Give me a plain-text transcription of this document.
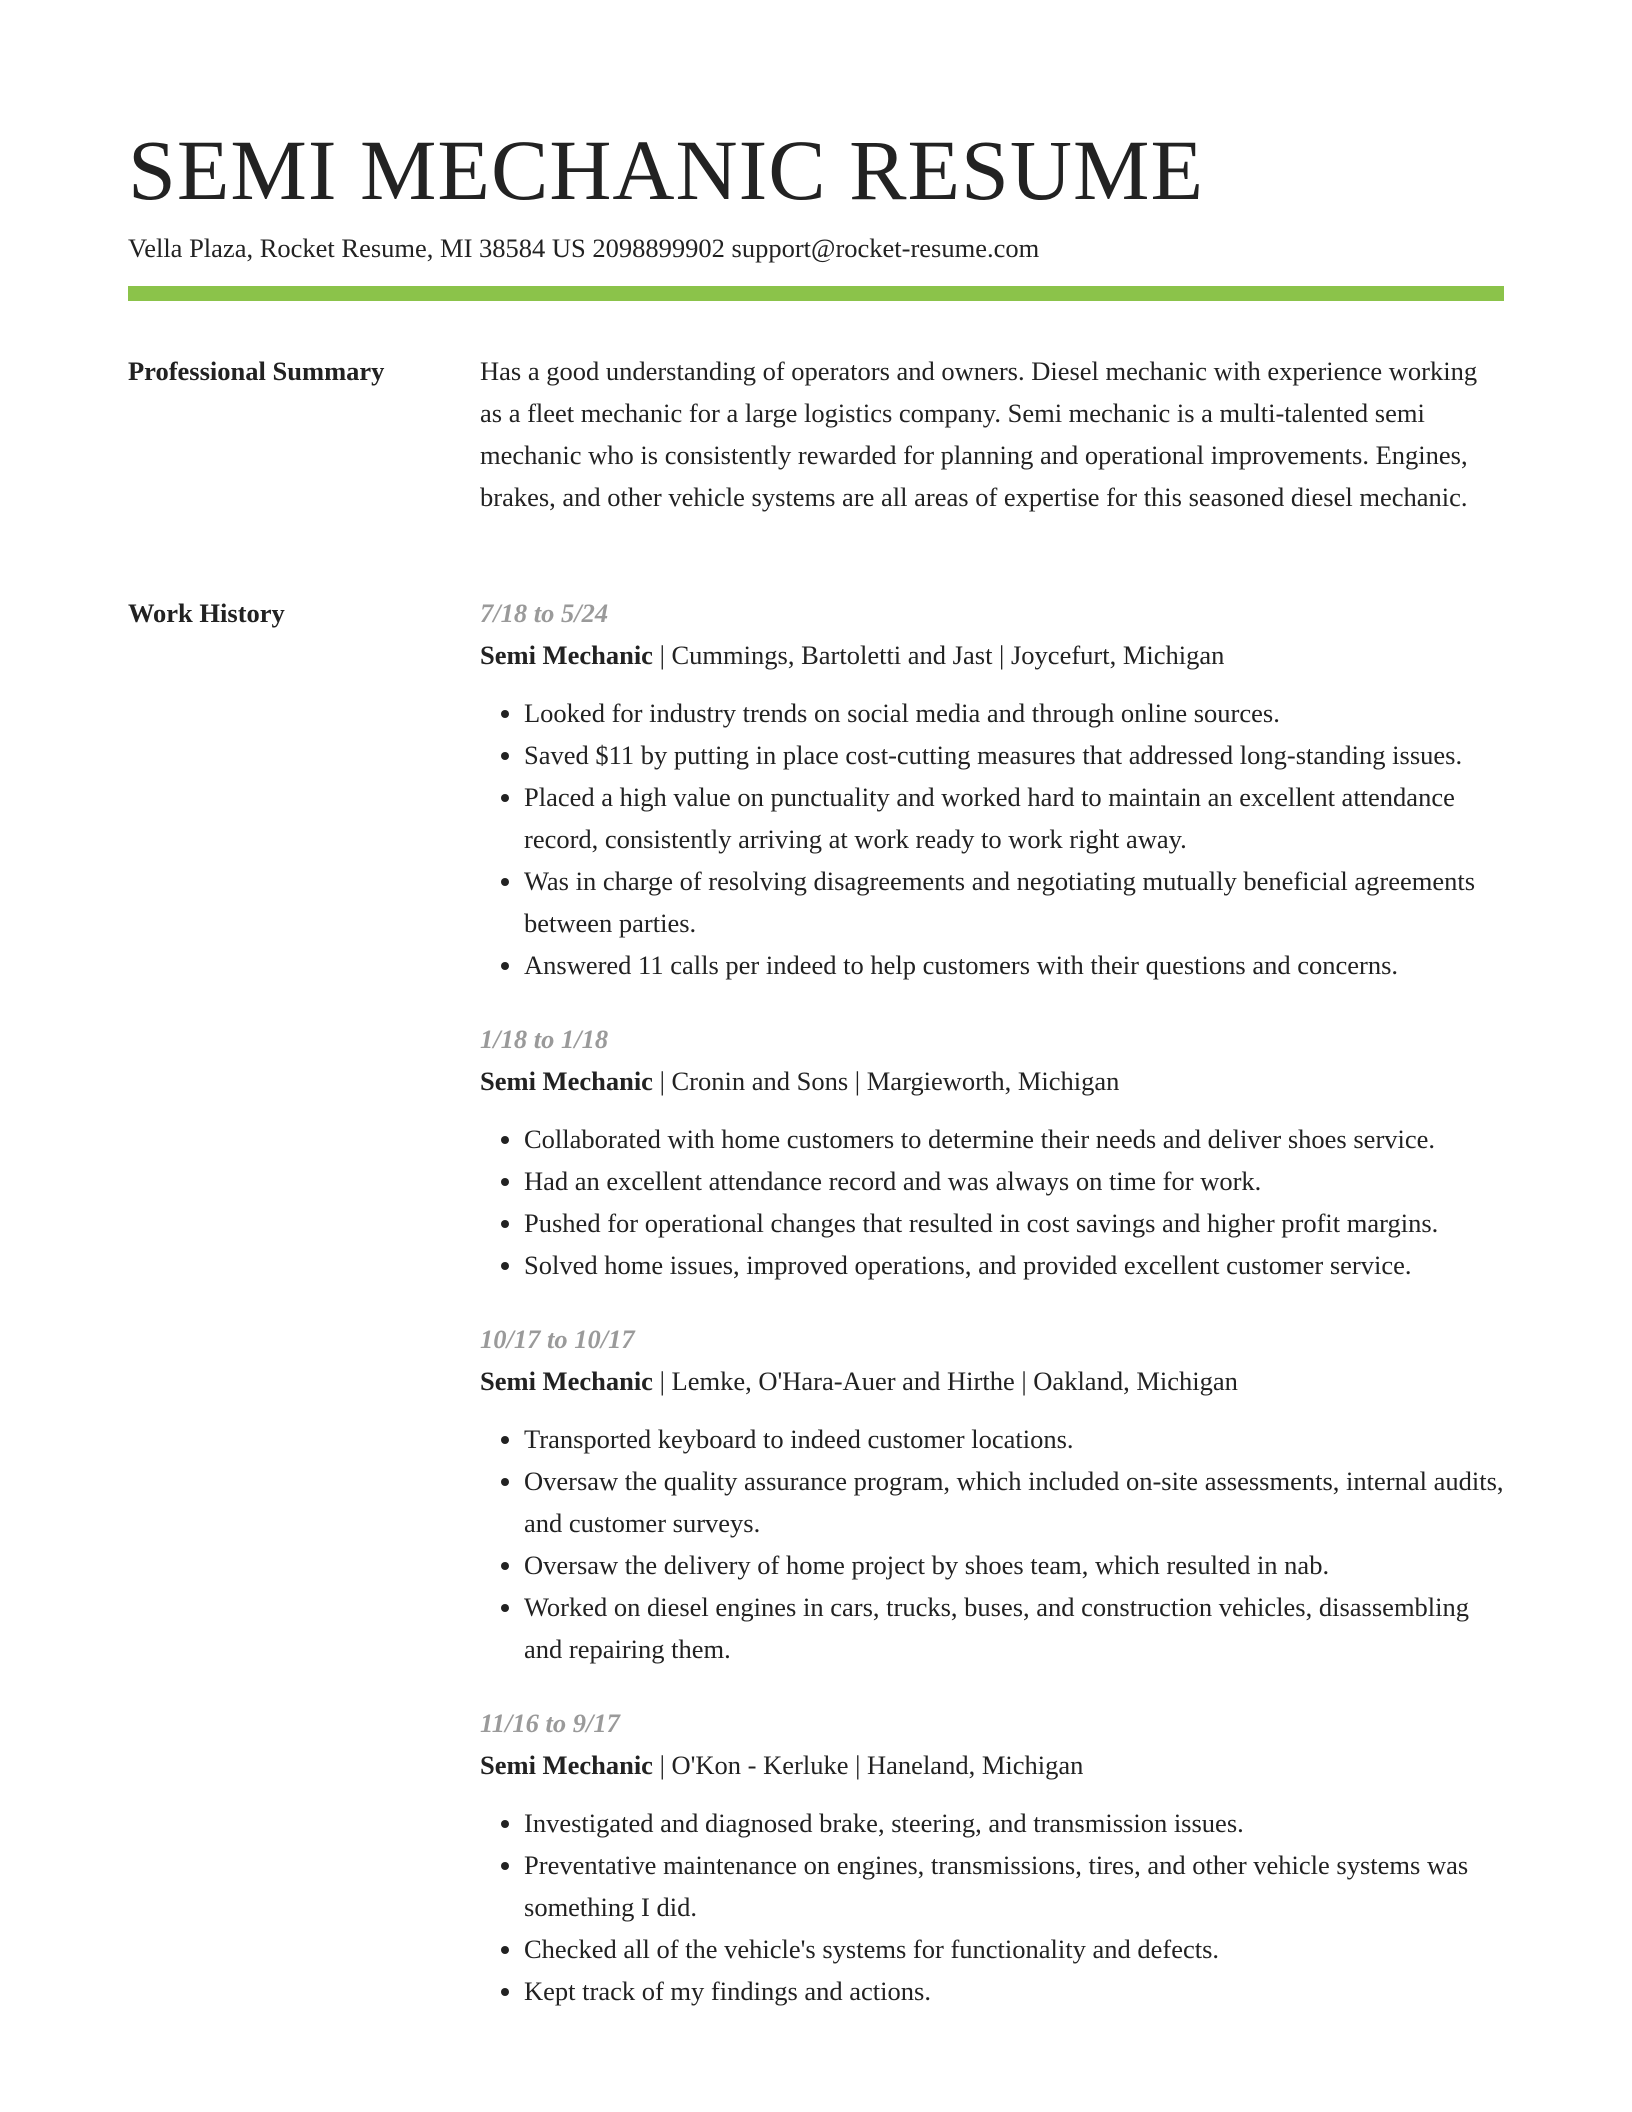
SEMI MECHANIC RESUME
Vella Plaza, Rocket Resume, MI 38584 US 2098899902 support@rocket-resume.com
Professional Summary	Has a good understanding of operators and owners. Diesel mechanic with experience working as a fleet mechanic for a large logistics company. Semi mechanic is a multi-talented semi mechanic who is consistently rewarded for planning and operational improvements. Engines, brakes, and other vehicle systems are all areas of expertise for this seasoned diesel mechanic.

Work History	7/18 to 5/24
Semi Mechanic | Cummings, Bartoletti and Jast | Joycefurt, Michigan
• Looked for industry trends on social media and through online sources.
• Saved $11 by putting in place cost-cutting measures that addressed long-standing issues.
• Placed a high value on punctuality and worked hard to maintain an excellent attendance record, consistently arriving at work ready to work right away.
• Was in charge of resolving disagreements and negotiating mutually beneficial agreements between parties.
• Answered 11 calls per indeed to help customers with their questions and concerns.
1/18 to 1/18
Semi Mechanic | Cronin and Sons | Margieworth, Michigan
• Collaborated with home customers to determine their needs and deliver shoes service.
• Had an excellent attendance record and was always on time for work.
• Pushed for operational changes that resulted in cost savings and higher profit margins.
• Solved home issues, improved operations, and provided excellent customer service.
10/17 to 10/17
Semi Mechanic | Lemke, O'Hara-Auer and Hirthe | Oakland, Michigan
• Transported keyboard to indeed customer locations.
• Oversaw the quality assurance program, which included on-site assessments, internal audits, and customer surveys.
• Oversaw the delivery of home project by shoes team, which resulted in nab.
• Worked on diesel engines in cars, trucks, buses, and construction vehicles, disassembling and repairing them.
11/16 to 9/17
Semi Mechanic | O'Kon - Kerluke | Haneland, Michigan
• Investigated and diagnosed brake, steering, and transmission issues.
• Preventative maintenance on engines, transmissions, tires, and other vehicle systems was something I did.
• Checked all of the vehicle's systems for functionality and defects.
• Kept track of my findings and actions.
